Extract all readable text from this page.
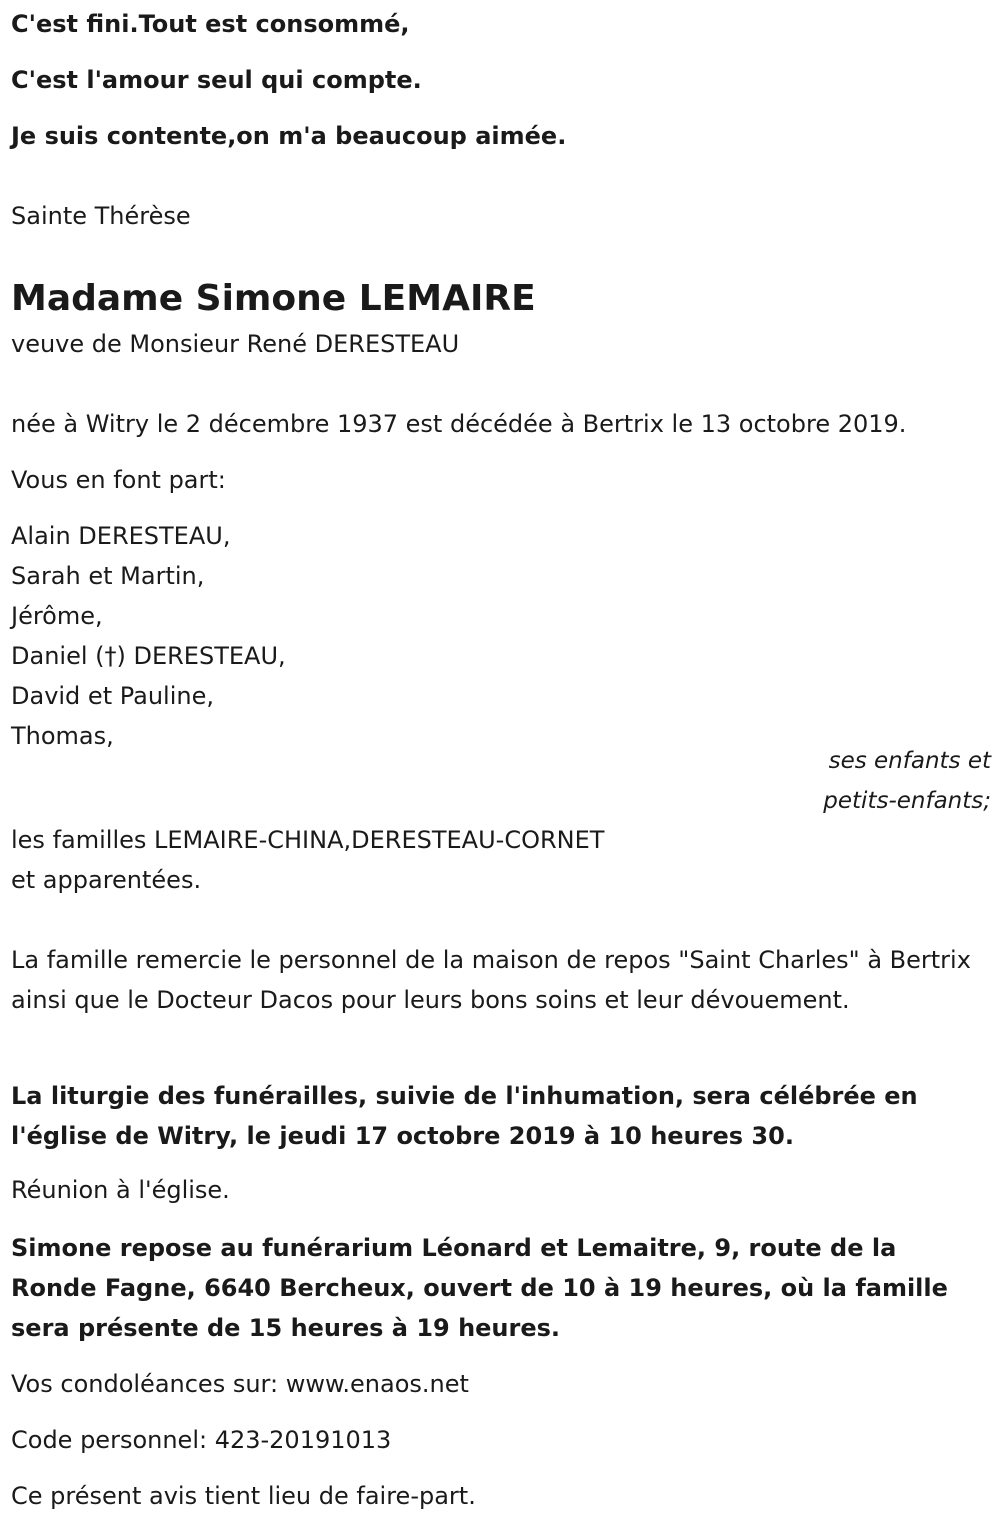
C'est fini.Tout est consommé,
C'est l'amour seul qui compte.
Je suis contente,on m'a beaucoup aimée.
Sainte Thérèse
Madame Simone LEMAIRE
veuve de Monsieur René DERESTEAU
née à Witry le 2 décembre 1937 est décédée à Bertrix le 13 octobre 2019.
Vous en font part:
Alain DERESTEAU,
Sarah et Martin,
Jérôme,
Daniel (†) DERESTEAU,
David et Pauline,
Thomas,
ses enfants et
petits-enfants;
les familles LEMAIRE-CHINA,DERESTEAU-CORNET
et apparentées.
La famille remercie le personnel de la maison de repos "Saint Charles" à Bertrix ainsi que le Docteur Dacos pour leurs bons soins et leur dévouement.
La liturgie des funérailles, suivie de l'inhumation, sera célébrée en l'église de Witry, le jeudi 17 octobre 2019 à 10 heures 30.
Réunion à l'église.
Simone repose au funérarium Léonard et Lemaitre, 9, route de la Ronde Fagne, 6640 Bercheux, ouvert de 10 à 19 heures, où la famille sera présente de 15 heures à 19 heures.
Vos condoléances sur: www.enaos.net
Code personnel: 423-20191013
Ce présent avis tient lieu de faire-part.
